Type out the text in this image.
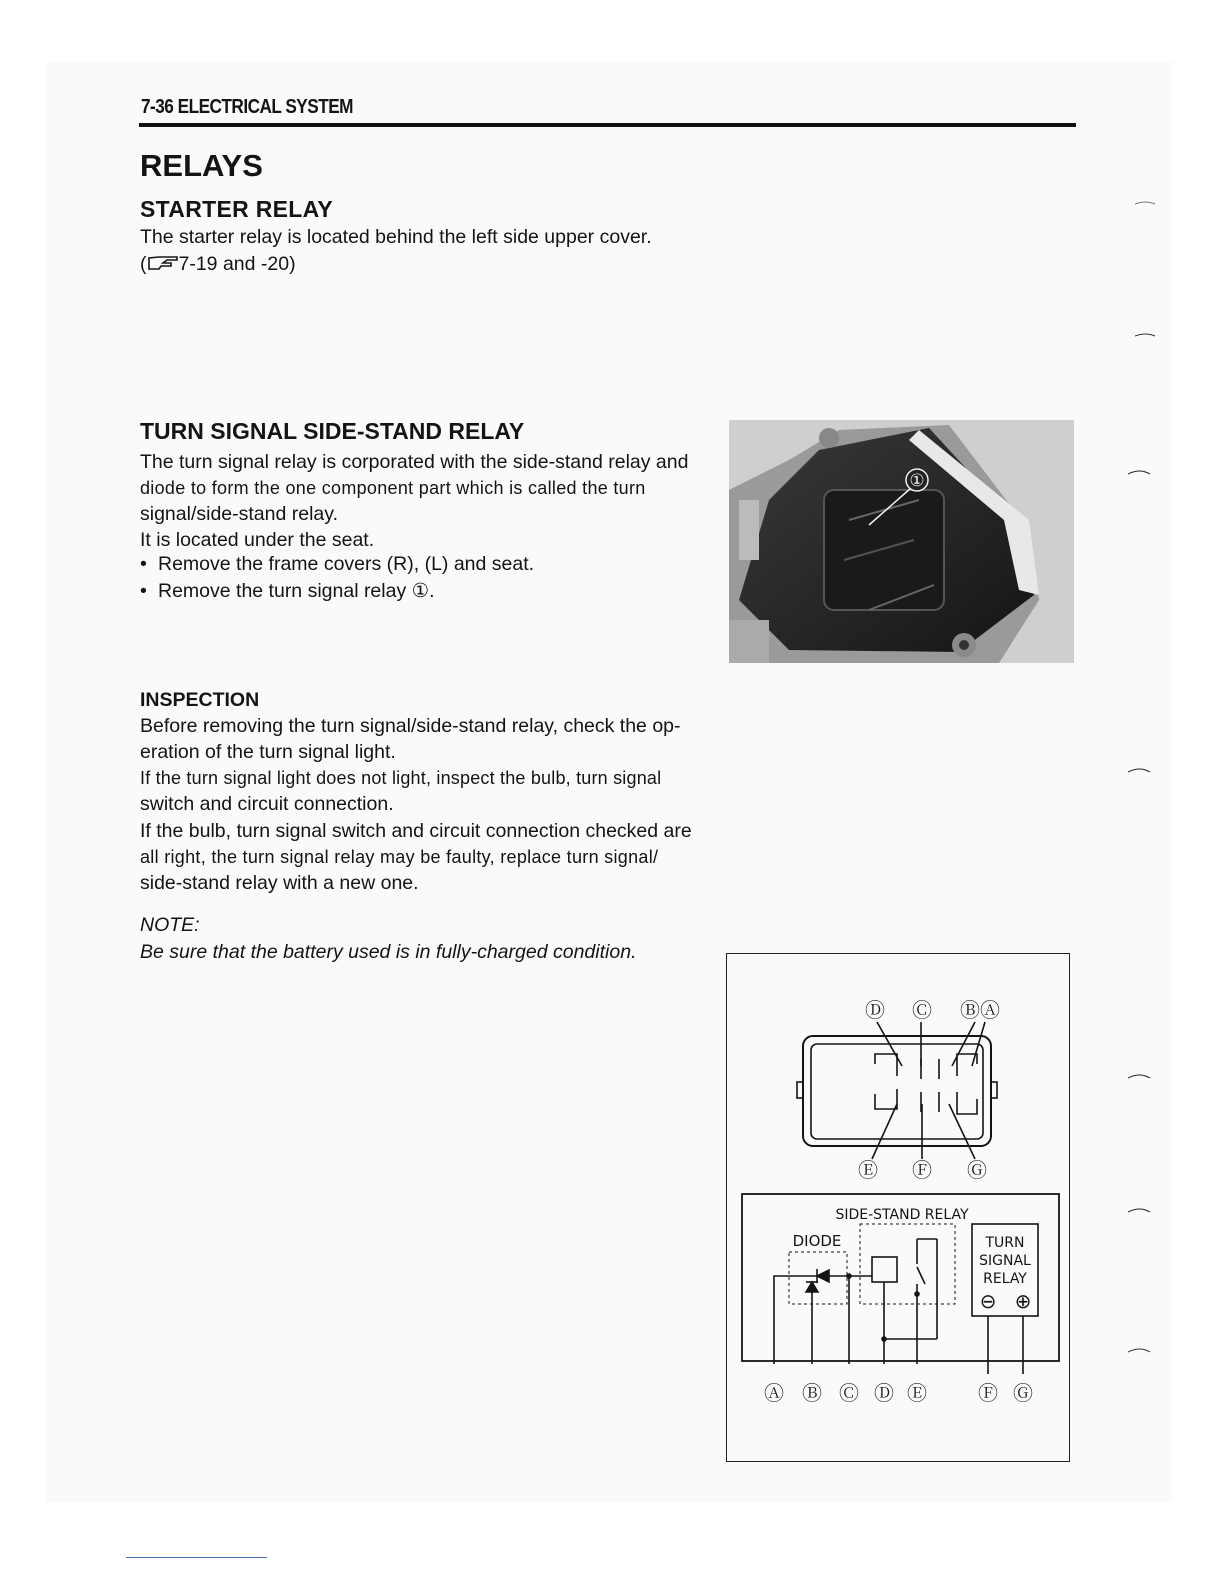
7-36 ELECTRICAL SYSTEM
RELAYS
STARTER RELAY
The starter relay is located behind the left side upper cover.
( 7-19 and -20)
TURN SIGNAL SIDE-STAND RELAY
The turn signal relay is corporated with the side-stand relay and
diode to form the one component part which is called the turn
signal/side-stand relay.
It is located under the seat.
• Remove the frame covers (R), (L) and seat.
• Remove the turn signal relay ①.
①
INSPECTION
Before removing the turn signal/side-stand relay, check the op-
eration of the turn signal light.
If the turn signal light does not light, inspect the bulb, turn signal
switch and circuit connection.
If the bulb, turn signal switch and circuit connection checked are
all right, the turn signal relay may be faulty, replace turn signal/
side-stand relay with a new one.
NOTE:
Be sure that the battery used is in fully-charged condition.
Ⓓ Ⓒ ⒷⒶ
Ⓔ Ⓕ Ⓖ
SIDE-STAND RELAY
DIODE	TURN
SIGNAL
RELAY
⊖ ⊕
Ⓐ Ⓑ Ⓒ Ⓓ Ⓔ	Ⓕ Ⓖ
